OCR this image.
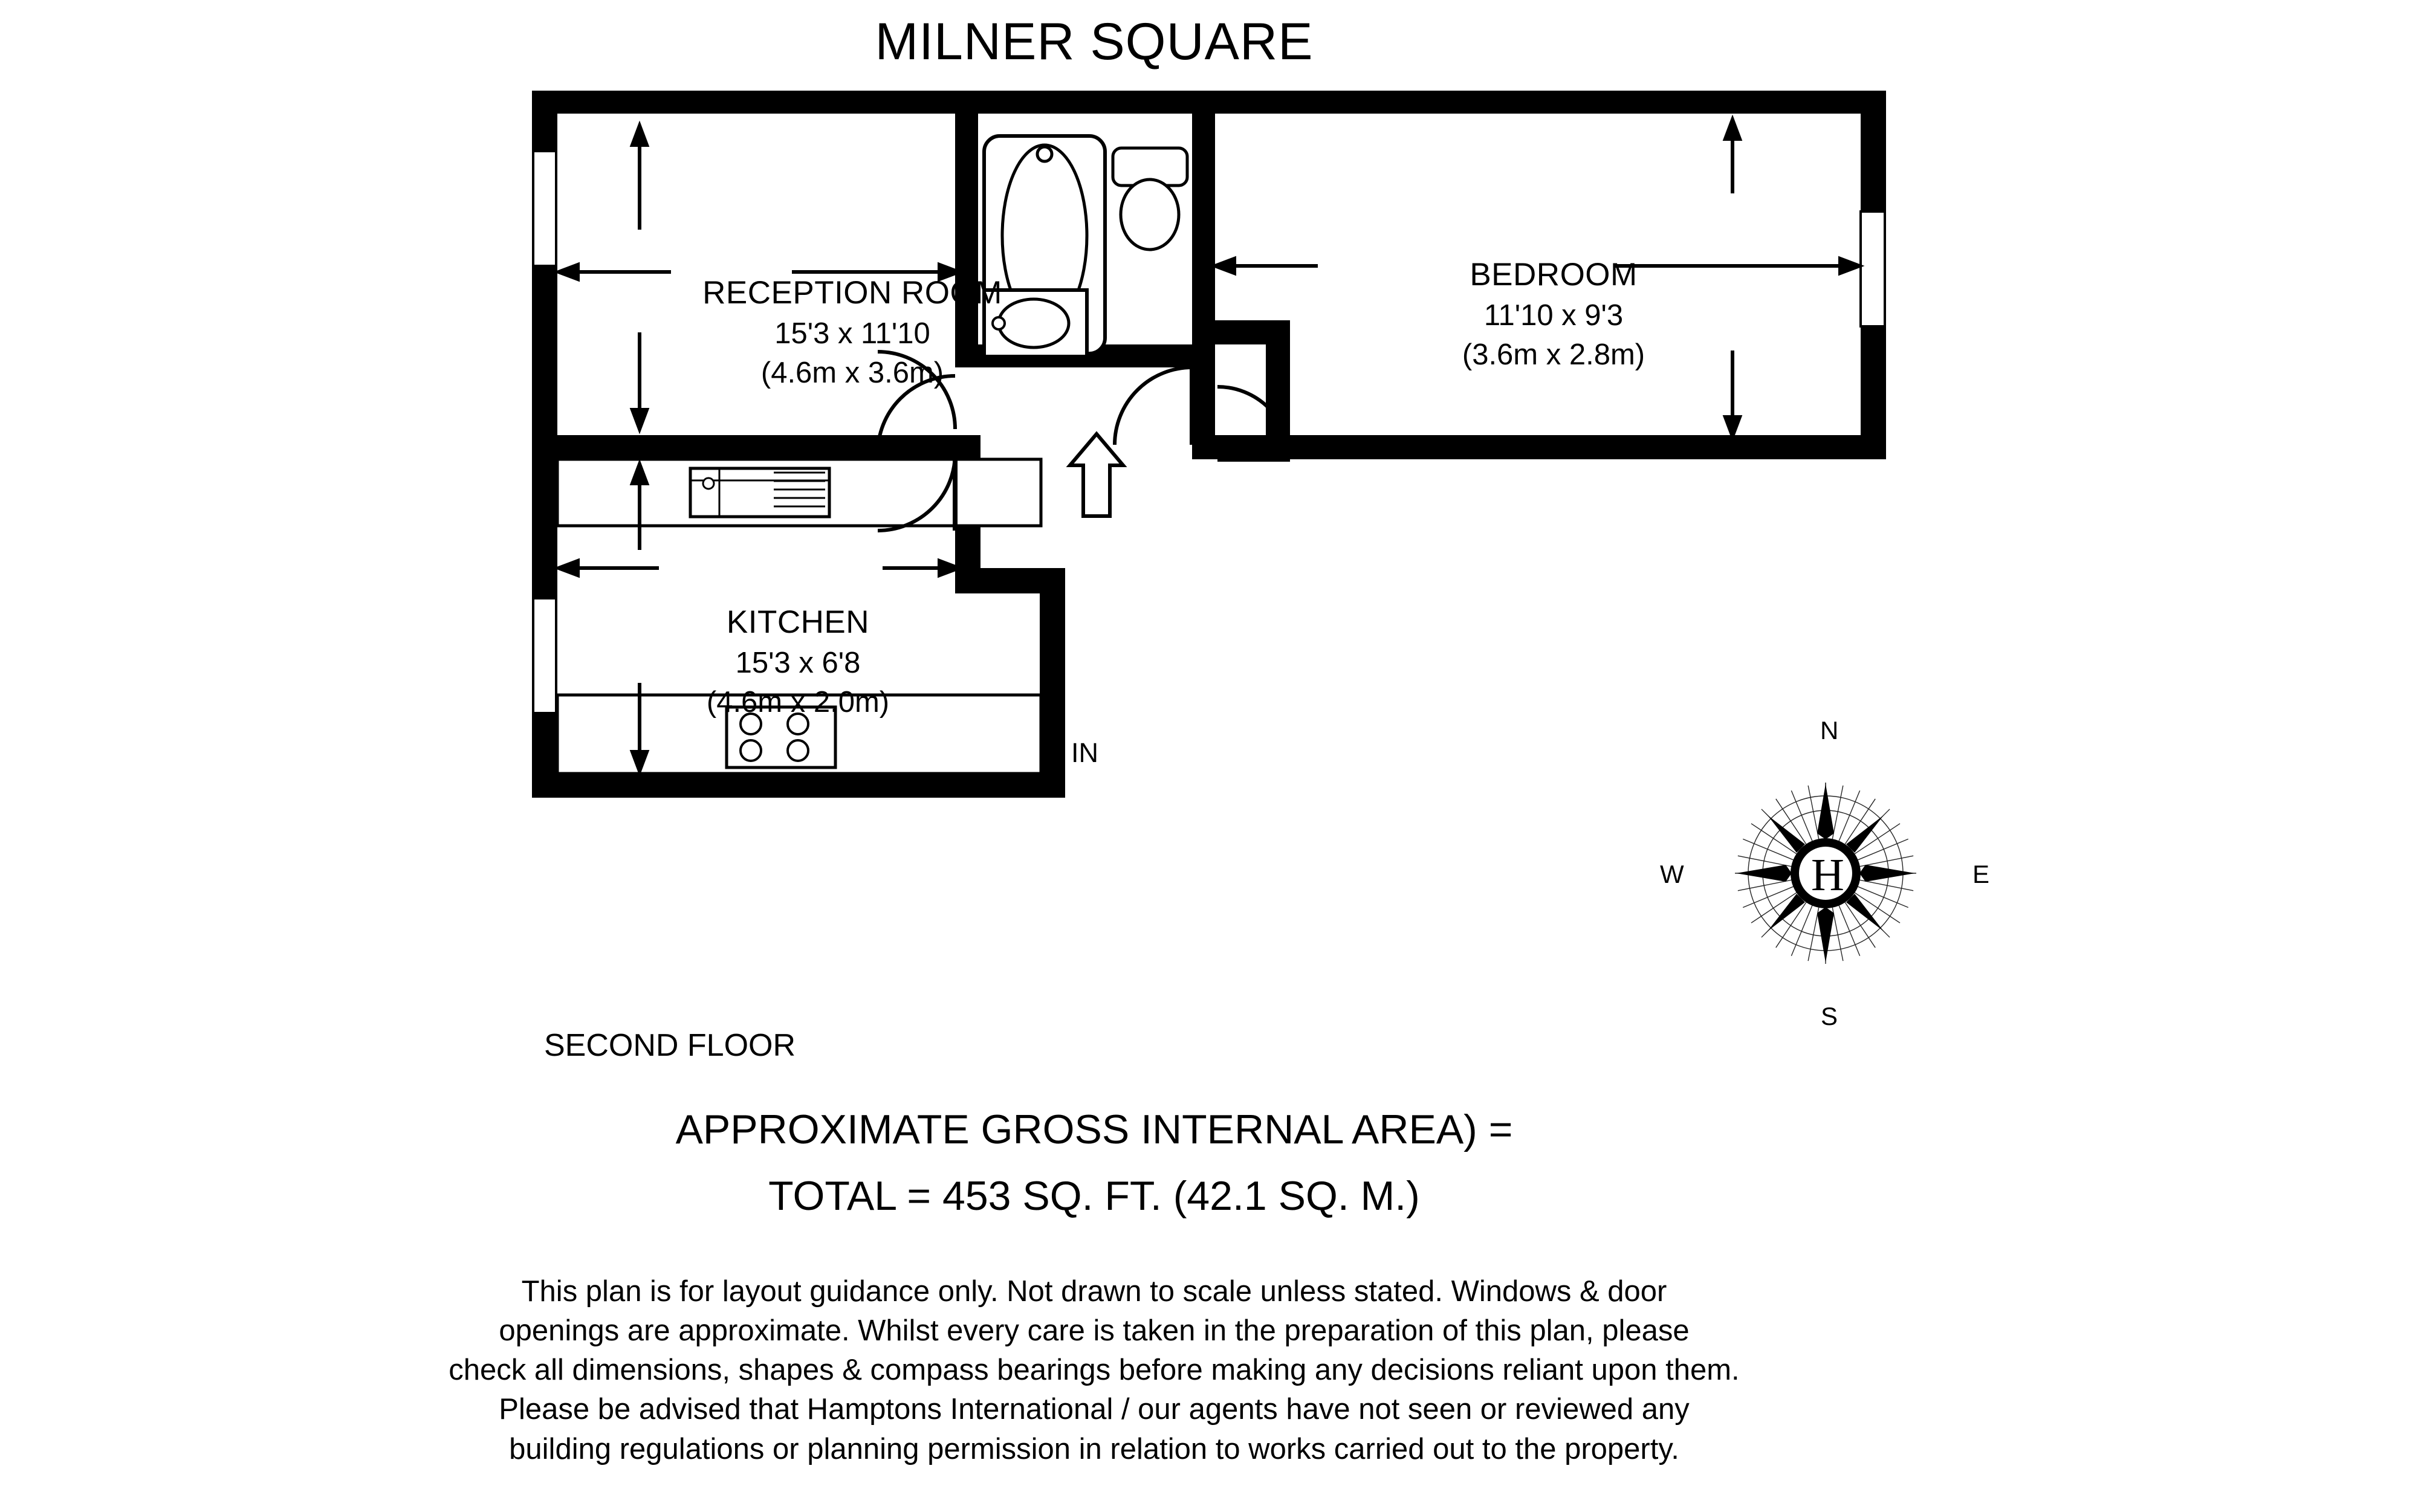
MILNER SQUARE
RECEPTION ROOM
15'3 x 11'10
(4.6m x 3.6m)
BEDROOM
11'10 x 9'3
(3.6m x 2.8m)
KITCHEN
15'3 x 6'8
(4.6m x 2.0m)
IN
N
E
S
W	H
SECOND FLOOR
APPROXIMATE GROSS INTERNAL AREA) =
TOTAL = 453 SQ. FT. (42.1 SQ. M.)
This plan is for layout guidance only. Not drawn to scale unless stated. Windows & door
openings are approximate. Whilst every care is taken in the preparation of this plan, please
check all dimensions, shapes & compass bearings before making any decisions reliant upon them.
Please be advised that Hamptons International / our agents have not seen or reviewed any
building regulations or planning permission in relation to works carried out to the property.
